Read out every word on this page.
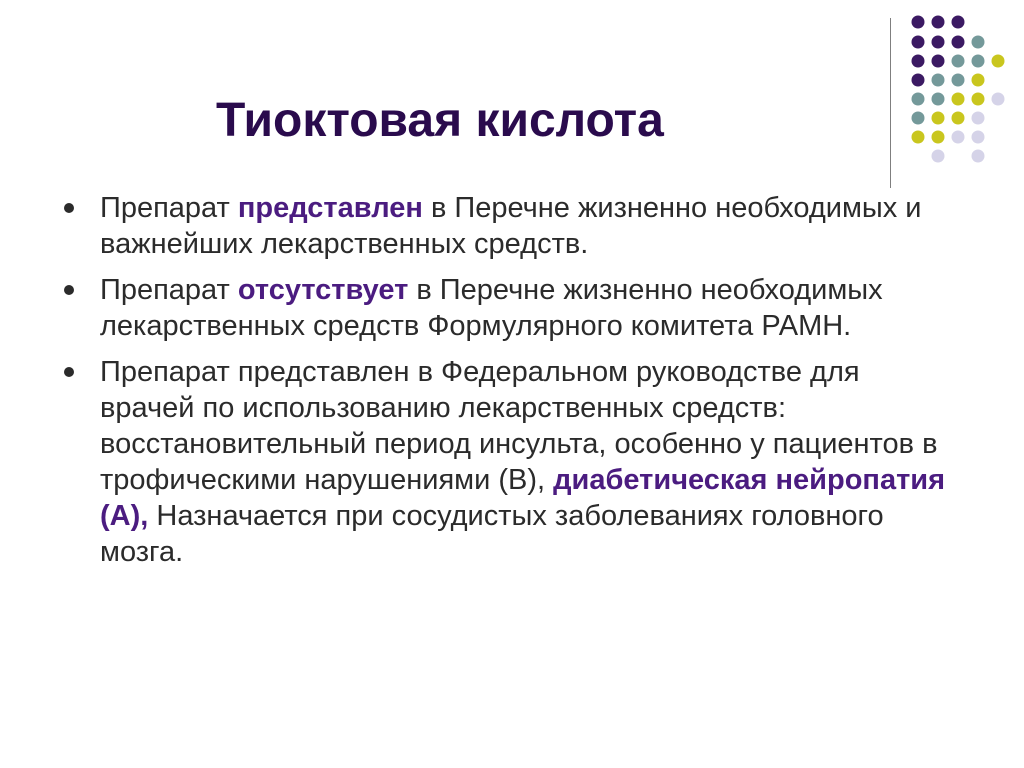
Тиоктовая кислота
Препарат представлен в Перечне жизненно необходимых и важнейших лекарственных средств.
Препарат отсутствует в Перечне жизненно необходимых лекарственных средств Формулярного комитета РАМН.
Препарат представлен в Федеральном руководстве для врачей по использованию лекарственных средств: восстановительный период инсульта, особенно у пациентов в трофическими нарушениями (В), диабетическая нейропатия (А), Назначается при сосудистых заболеваниях головного мозга.
